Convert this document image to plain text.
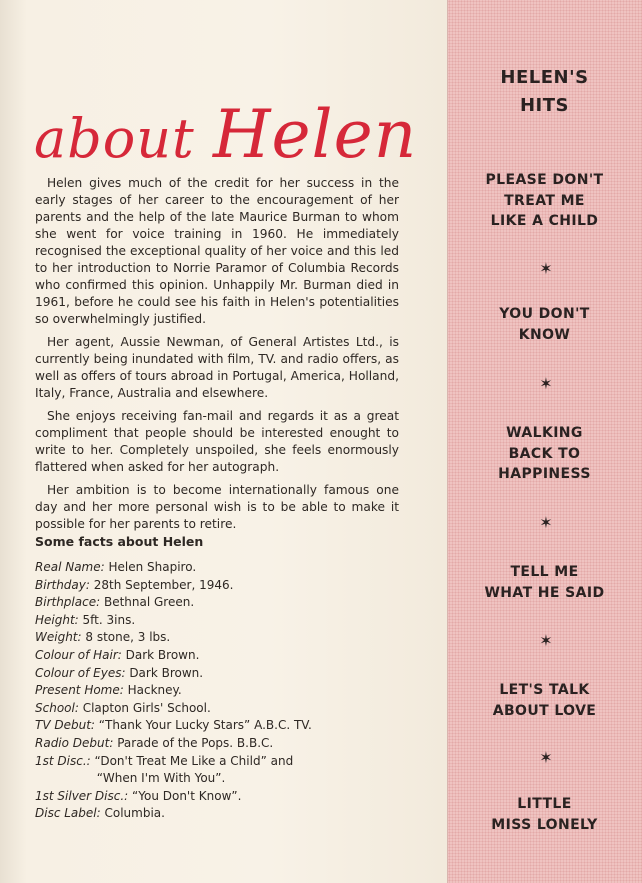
about Helen

Helen gives much of the credit for her success in the early stages of her career to the encouragement of her parents and the help of the late Maurice Burman to whom she went for voice training in 1960. He immediately recognised the exceptional quality of her voice and this led to her introduction to Norrie Paramor of Columbia Records who confirmed this opinion. Unhappily Mr. Burman died in 1961, before he could see his faith in Helen's potentialities so overwhelmingly justified.

Her agent, Aussie Newman, of General Artistes Ltd., is currently being inundated with film, TV. and radio offers, as well as offers of tours abroad in Portugal, America, Holland, Italy, France, Australia and elsewhere.

She enjoys receiving fan-mail and regards it as a great compliment that people should be interested enought to write to her. Completely unspoiled, she feels enormously flattered when asked for her autograph.

Her ambition is to become internationally famous one day and her more personal wish is to be able to make it possible for her parents to retire.

Some facts about Helen
Real Name: Helen Shapiro.
Birthday: 28th September, 1946.
Birthplace: Bethnal Green.
Height: 5ft. 3ins.
Weight: 8 stone, 3 lbs.
Colour of Hair: Dark Brown.
Colour of Eyes: Dark Brown.
Present Home: Hackney.
School: Clapton Girls' School.
TV Debut: “Thank Your Lucky Stars” A.B.C. TV.
Radio Debut: Parade of the Pops. B.B.C.
1st Disc.: “Don't Treat Me Like a Child” and
“When I'm With You”.
1st Silver Disc.: “You Don't Know”.
Disc Label: Columbia.
HELEN'S
HITS
PLEASE DON'T
TREAT ME
LIKE A CHILD
✶
YOU DON'T
KNOW
✶
WALKING
BACK TO
HAPPINESS
✶
TELL ME
WHAT HE SAID
✶
LET'S TALK
ABOUT LOVE
✶
LITTLE
MISS LONELY
